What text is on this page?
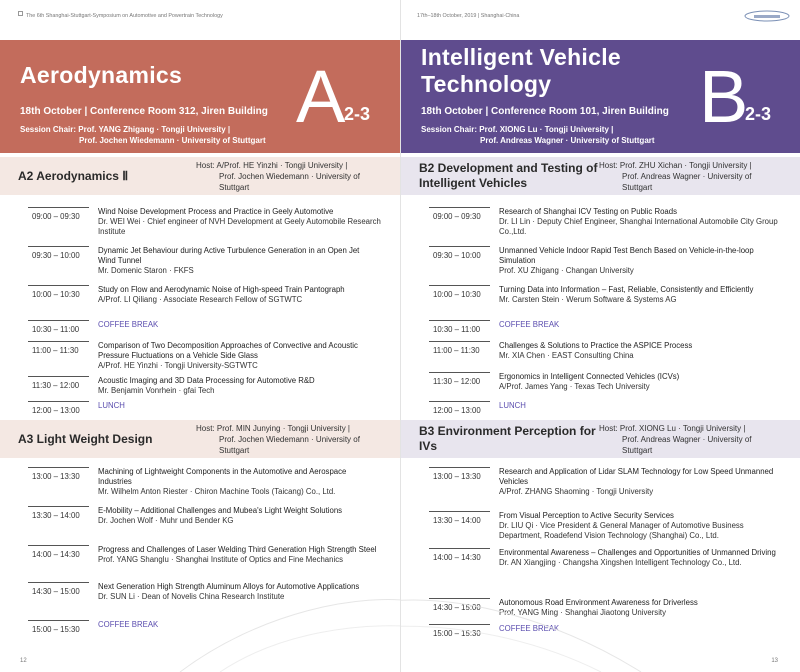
The 6th Shanghai-Stuttgart-Symposium on Automotive and Powertrain Technology
Aerodynamics
18th October | Conference Room 312, Jiren Building
Session Chair: Prof. YANG Zhigang · Tongji University |
Prof. Jochen Wiedemann · University of Stuttgart
A
2-3
A2 Aerodynamics Ⅱ
Host: A/Prof. HE Yinzhi · Tongji University |
Prof. Jochen Wiedemann · University of
Stuttgart
09:00 – 09:30
Wind Noise Development Process and Practice in Geely Automotive
Dr. WEI Wei · Chief engineer of NVH Development at Geely Automobile Research Institute
09:30 – 10:00
Dynamic Jet Behaviour during Active Turbulence Generation in an Open Jet Wind Tunnel
Mr. Domenic Staron · FKFS
10:00 – 10:30
Study on Flow and Aerodynamic Noise of High-speed Train Pantograph
A/Prof. LI Qiliang · Associate Research Fellow of SGTWTC
10:30 – 11:00
COFFEE BREAK
11:00 – 11:30
Comparison of Two Decomposition Approaches of Convective and Acoustic Pressure Fluctuations on a Vehicle Side Glass
A/Prof. HE Yinzhi · Tongji University-SGTWTC
11:30 – 12:00
Acoustic Imaging and 3D Data Processing for Automotive R&D
Mr. Benjamin Vonrhein · gfai Tech
12:00 – 13:00
LUNCH
A3 Light Weight Design
Host: Prof. MIN Junying · Tongji University |
Prof. Jochen Wiedemann · University of
Stuttgart
13:00 – 13:30
Machining of Lightweight Components in the Automotive and Aerospace Industries
Mr. Wilhelm Anton Riester · Chiron Machine Tools (Taicang) Co., Ltd.
13:30 – 14:00
E-Mobility – Additional Challenges and Mubea's Light Weight Solutions
Dr. Jochen Wolf · Muhr und Bender KG
14:00 – 14:30
Progress and Challenges of Laser Welding Third Generation High Strength Steel
Prof. YANG Shanglu · Shanghai Institute of Optics and Fine Mechanics
14:30 – 15:00
Next Generation High Strength Aluminum Alloys for Automotive Applications
Dr. SUN Li · Dean of Novelis China Research Institute
15:00 – 15:30
COFFEE BREAK
12
17th–18th October, 2019 | Shanghai·China
Intelligent Vehicle Technology
18th October | Conference Room 101, Jiren Building
Session Chair: Prof. XIONG Lu · Tongji University |
Prof. Andreas Wagner · University of Stuttgart
B
2-3
B2 Development and Testing of Intelligent Vehicles
Host: Prof. ZHU Xichan · Tongji University |
Prof. Andreas Wagner · University of
Stuttgart
09:00 – 09:30
Research of Shanghai ICV Testing on Public Roads
Dr. LI Lin · Deputy Chief Engineer, Shanghai International Automobile City Group Co.,Ltd.
09:30 – 10:00
Unmanned Vehicle Indoor Rapid Test Bench Based on Vehicle-in-the-loop Simulation
Prof. XU Zhigang · Changan University
10:00 – 10:30
Turning Data into Information – Fast, Reliable, Consistently and Efficiently
Mr. Carsten Stein · Werum Software & Systems AG
10:30 – 11:00
COFFEE BREAK
11:00 – 11:30
Challenges & Solutions to Practice the ASPICE Process
Mr. XIA Chen · EAST Consulting China
11:30 – 12:00
Ergonomics in Intelligent Connected Vehicles (ICVs)
A/Prof. James Yang · Texas Tech University
12:00 – 13:00
LUNCH
B3 Environment Perception for IVs
Host: Prof. XIONG Lu · Tongji University |
Prof. Andreas Wagner · University of
Stuttgart
13:00 – 13:30
Research and Application of Lidar SLAM Technology for Low Speed Unmanned Vehicles
A/Prof. ZHANG Shaoming · Tongji University
13:30 – 14:00
From Visual Perception to Active Security Services
Dr. LIU Qi · Vice President & General Manager of Automotive Business Department, Roadefend Vision Technology (Shanghai) Co., Ltd.
14:00 – 14:30
Environmental Awareness – Challenges and Opportunities of Unmanned Driving
Dr. AN Xiangjing · Changsha Xingshen Intelligent Technology Co., Ltd.
14:30 – 15:00
Autonomous Road Environment Awareness for Driverless
Prof. YANG Ming · Shanghai Jiaotong University
15:00 – 15:30
COFFEE BREAK
13
